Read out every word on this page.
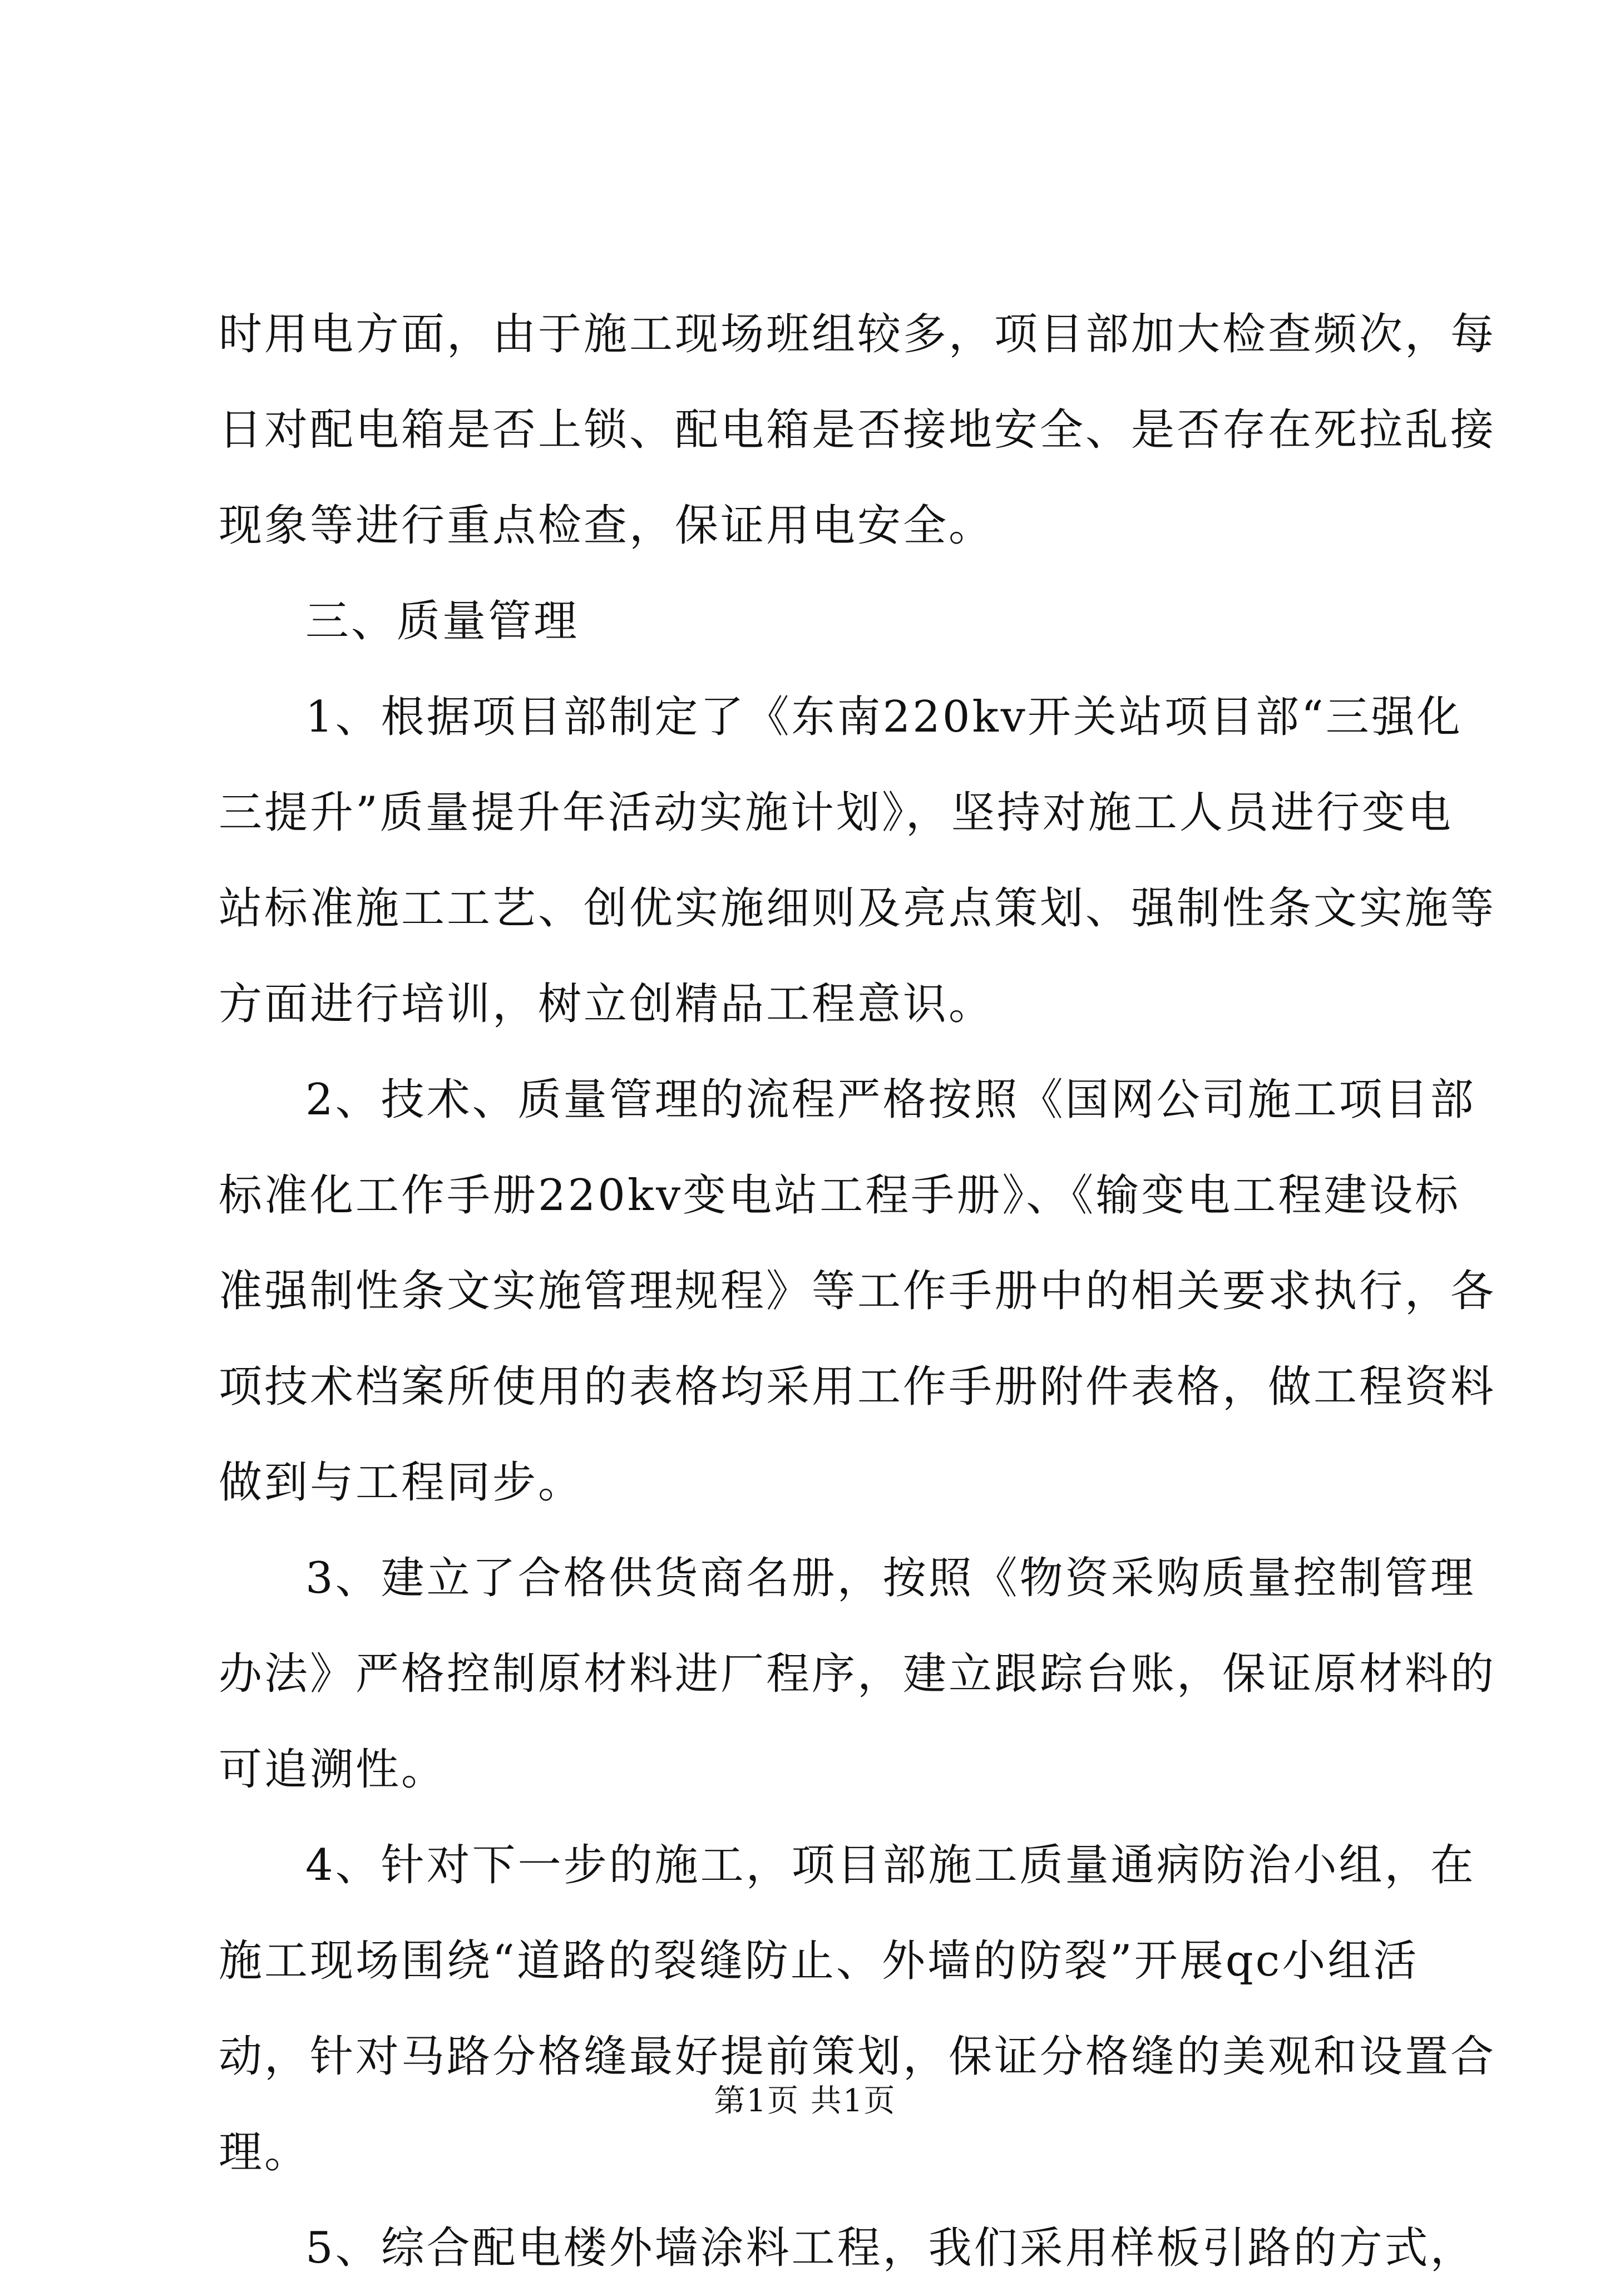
时用电方面，由于施工现场班组较多，项目部加大检查频次，每
日对配电箱是否上锁、配电箱是否接地安全、是否存在死拉乱接
现象等进行重点检查，保证用电安全。
三、质量管理
1、根据项目部制定了《东南220kv开关站项目部“三强化
三提升”质量提升年活动实施计划》，坚持对施工人员进行变电
站标准施工工艺、创优实施细则及亮点策划、强制性条文实施等
方面进行培训，树立创精品工程意识。
2、技术、质量管理的流程严格按照《国网公司施工项目部
标准化工作手册220kv变电站工程手册》、《输变电工程建设标
准强制性条文实施管理规程》等工作手册中的相关要求执行，各
项技术档案所使用的表格均采用工作手册附件表格，做工程资料
做到与工程同步。
3、建立了合格供货商名册，按照《物资采购质量控制管理
办法》严格控制原材料进厂程序，建立跟踪台账，保证原材料的
可追溯性。
4、针对下一步的施工，项目部施工质量通病防治小组，在
施工现场围绕“道路的裂缝防止、外墙的防裂”开展qc小组活
动，针对马路分格缝最好提前策划，保证分格缝的美观和设置合
理。
5、综合配电楼外墙涂料工程，我们采用样板引路的方式，
第1页 共1页
